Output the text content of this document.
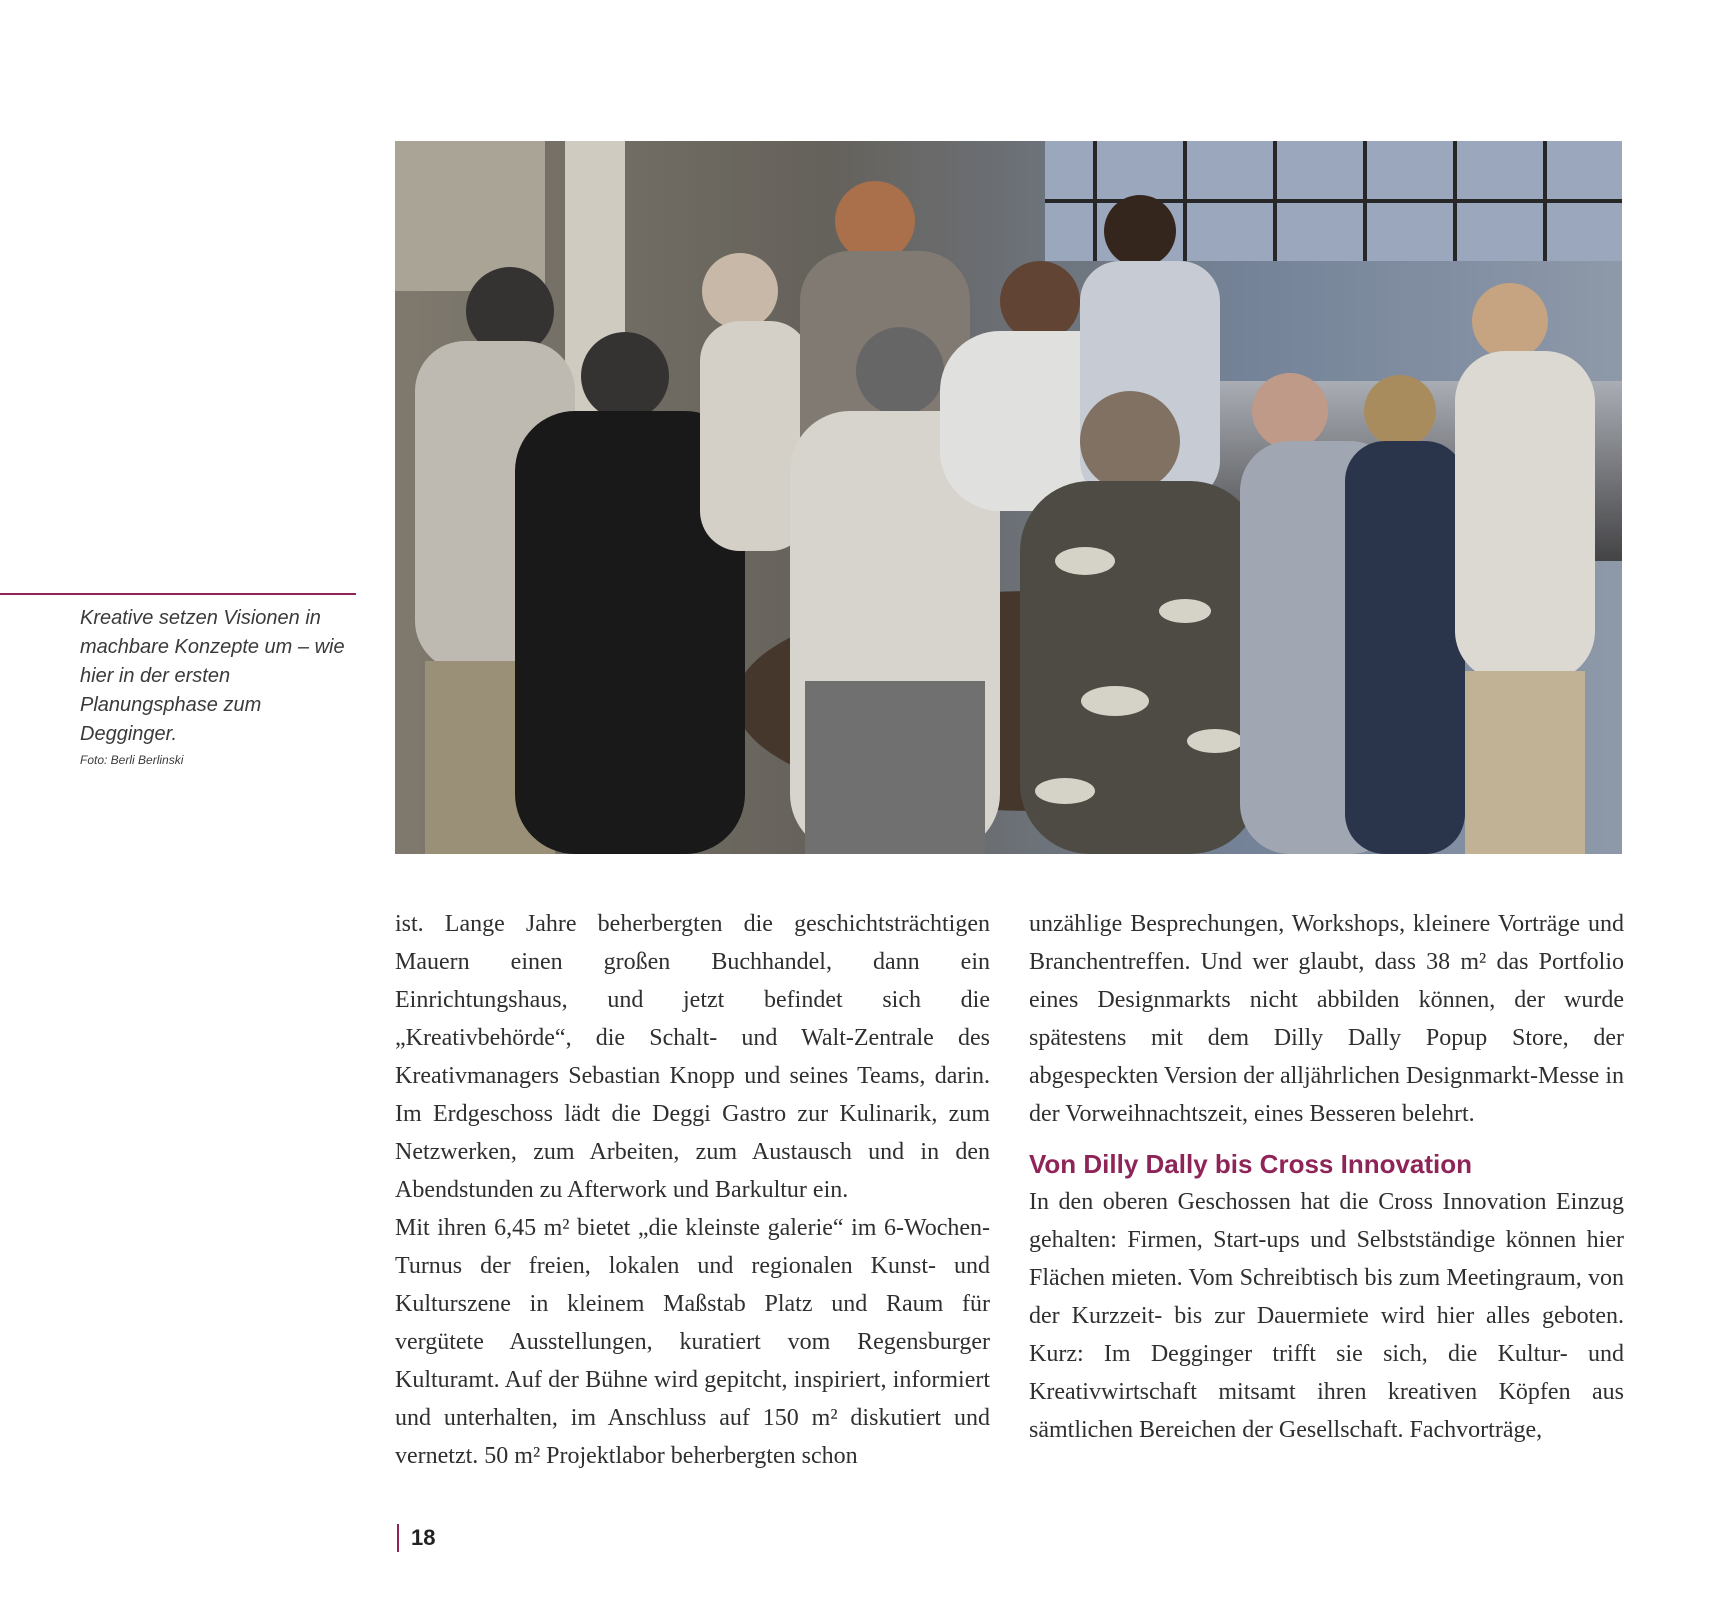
Kreative setzen Visionen in machbare Konzepte um – wie hier in der ersten Planungsphase zum Degginger.
Foto: Berli Berlinski

ist. Lange Jahre beherbergten die geschichtsträchtigen Mauern einen großen Buchhandel, dann ein Einrichtungshaus, und jetzt befindet sich die „Kreativbehörde“, die Schalt- und Walt-Zentrale des Kreativmanagers Sebastian Knopp und seines Teams, darin. Im Erdgeschoss lädt die Deggi Gastro zur Kulinarik, zum Netzwerken, zum Arbeiten, zum Austausch und in den Abendstunden zu Afterwork und Barkultur ein.

Mit ihren 6,45 m² bietet „die kleinste galerie“ im 6-Wochen-Turnus der freien, lokalen und regionalen Kunst- und Kulturszene in kleinem Maßstab Platz und Raum für vergütete Ausstellungen, kuratiert vom Regensburger Kulturamt. Auf der Bühne wird gepitcht, inspiriert, informiert und unterhalten, im Anschluss auf 150 m² diskutiert und vernetzt. 50 m² Projektlabor beherbergten schon

unzählige Besprechungen, Workshops, kleinere Vorträge und Branchentreffen. Und wer glaubt, dass 38 m² das Portfolio eines Designmarkts nicht abbilden können, der wurde spätestens mit dem Dilly Dally Popup Store, der abgespeckten Version der alljährlichen Designmarkt-Messe in der Vorweihnachtszeit, eines Besseren belehrt.

Von Dilly Dally bis Cross Innovation

In den oberen Geschossen hat die Cross Innovation Einzug gehalten: Firmen, Start-ups und Selbstständige können hier Flächen mieten. Vom Schreibtisch bis zum Meetingraum, von der Kurzzeit- bis zur Dauermiete wird hier alles geboten. Kurz: Im Degginger trifft sie sich, die Kultur- und Kreativwirtschaft mitsamt ihren kreativen Köpfen aus sämtlichen Bereichen der Gesellschaft. Fachvorträge,

18
